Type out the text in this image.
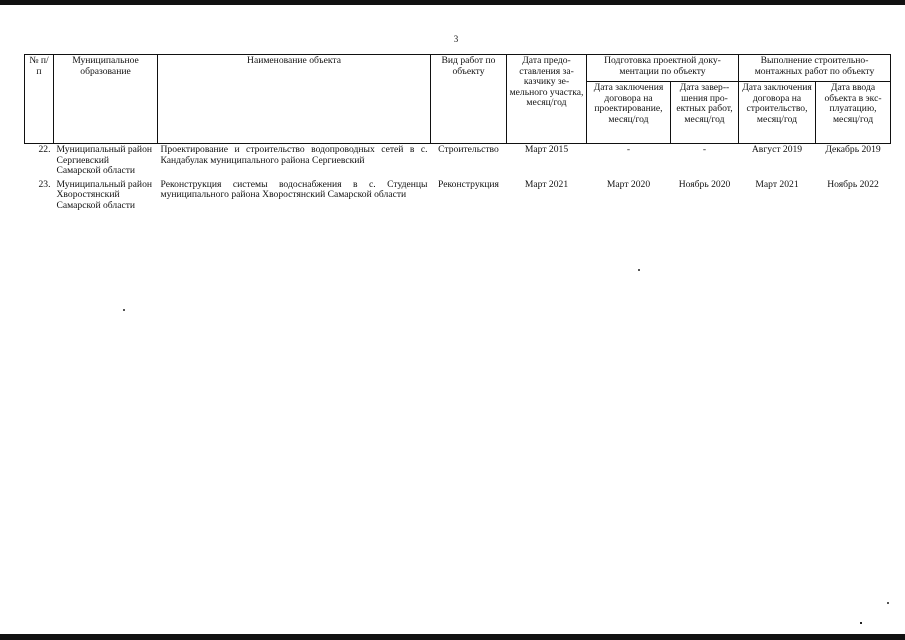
3
№ п/п	Муниципальное образование	Наименование объекта	Вид работ по объекту	Дата предоставления заказчику земельного участка, месяц/год	Подготовка проектной документации по объекту		Выполнение строительно-монтажных работ по объекту	
					Дата заключения договора на проектирование, месяц/год	Дата завер- шения проектных работ, месяц/год	Дата заключения договора на строительство, месяц/год	Дата ввода объекта в эксплуатацию, месяц/год
22.	Муниципальный район Сергиевский Самарской области	Проектирование и строительство водопроводных сетей в с. Кандабулак муниципального района Сергиевский	Строительство	Март 2015	-	-	Август 2019	Декабрь 2019
23.	Муниципальный район Хворостянский Самарской области	Реконструкция системы водоснабжения в с. Студенцы муниципального района Хворостянский Самарской области	Реконструкция	Март 2021	Март 2020	Ноябрь 2020	Март 2021	Ноябрь 2022
